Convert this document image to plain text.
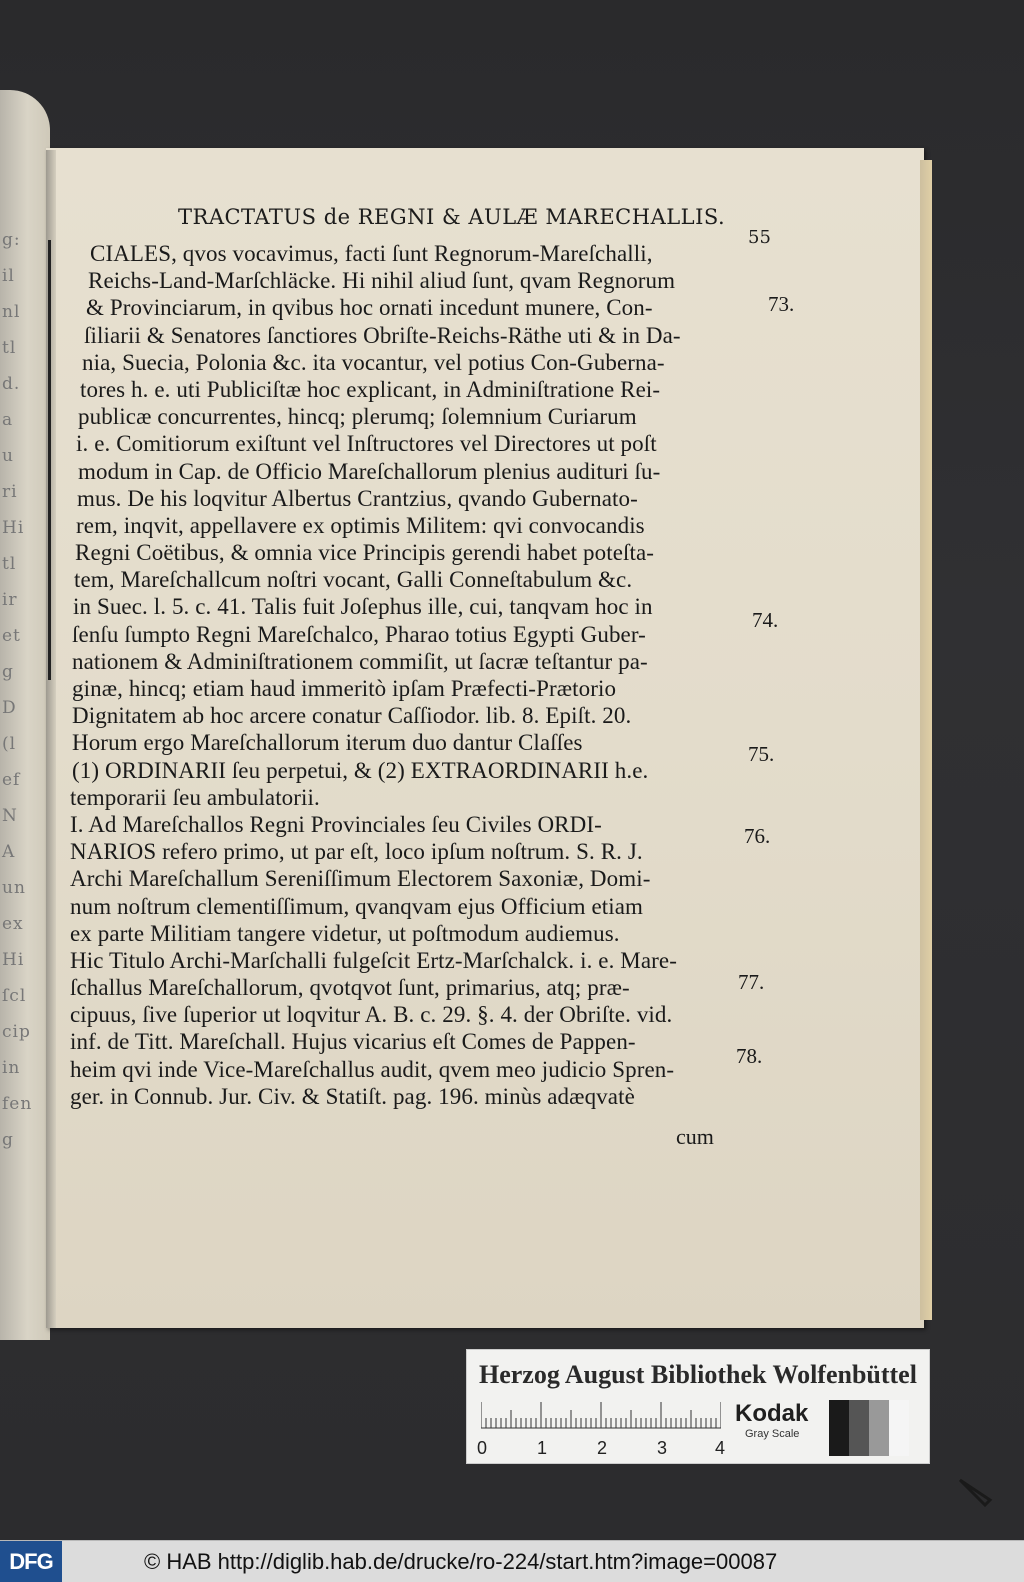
g:
il
nl
tl
d.
a
u
ri
Hi
tl
ir
et
g
D
(l
ef
N
A
un
ex
Hi
ſcl
cip
in
fen
g
TRACTATUS de REGNI & AULÆ MARECHALLIS.
55
CIALES, qvos vocavimus, facti ſunt Regnorum-Mareſchalli,
Reichs-Land-Marſchläcke. Hi nihil aliud ſunt, qvam Regnorum
& Provinciarum, in qvibus hoc ornati incedunt munere, Con-
ſiliarii & Senatores ſanctiores Obriſte-Reichs-Räthe uti & in Da-
nia, Suecia, Polonia &c. ita vocantur, vel potius Con-Guberna-
tores h. e. uti Publiciſtæ hoc explicant, in Adminiſtratione Rei-
publicæ concurrentes, hincq; plerumq; ſolemnium Curiarum
i. e. Comitiorum exiſtunt vel Inſtructores vel Directores ut poſt
modum in Cap. de Officio Mareſchallorum plenius audituri ſu-
mus. De his loqvitur Albertus Crantzius, qvando Gubernato-
rem, inqvit, appellavere ex optimis Militem: qvi convocandis
Regni Coëtibus, & omnia vice Principis gerendi habet poteſta-
tem, Mareſchallcum noſtri vocant, Galli Conneſtabulum &c.
in Suec. l. 5. c. 41. Talis fuit Joſephus ille, cui, tanqvam hoc in
ſenſu ſumpto Regni Mareſchalco, Pharao totius Egypti Guber-
nationem & Adminiſtrationem commiſit, ut ſacræ teſtantur pa-
ginæ, hincq; etiam haud immeritò ipſam Præfecti-Prætorio
Dignitatem ab hoc arcere conatur Caſſiodor. lib. 8. Epiſt. 20.
Horum ergo Mareſchallorum iterum duo dantur Claſſes
(1) ORDINARII ſeu perpetui, & (2) EXTRAORDINARII h.e.
temporarii ſeu ambulatorii.
I. Ad Mareſchallos Regni Provinciales ſeu Civiles ORDI-
NARIOS refero primo, ut par eſt, loco ipſum noſtrum. S. R. J.
Archi Mareſchallum Sereniſſimum Electorem Saxoniæ, Domi-
num noſtrum clementiſſimum, qvanqvam ejus Officium etiam
ex parte Militiam tangere videtur, ut poſtmodum audiemus.
Hic Titulo Archi-Marſchalli fulgeſcit Ertz-Marſchalck. i. e. Mare-
ſchallus Mareſchallorum, qvotqvot ſunt, primarius, atq; præ-
cipuus, ſive ſuperior ut loqvitur A. B. c. 29. §. 4. der Obriſte. vid.
inf. de Titt. Mareſchall. Hujus vicarius eſt Comes de Pappen-
heim qvi inde Vice-Mareſchallus audit, qvem meo judicio Spren-
ger. in Connub. Jur. Civ. & Statiſt. pag. 196. minùs adæqvatè
73.
74.
75.
76.
77.
78.
cum
Herzog August Bibliothek Wolfenbüttel
0	1	2	3	4
Kodak
Gray Scale
DFG	© HAB http://diglib.hab.de/drucke/ro-224/start.htm?image=00087
